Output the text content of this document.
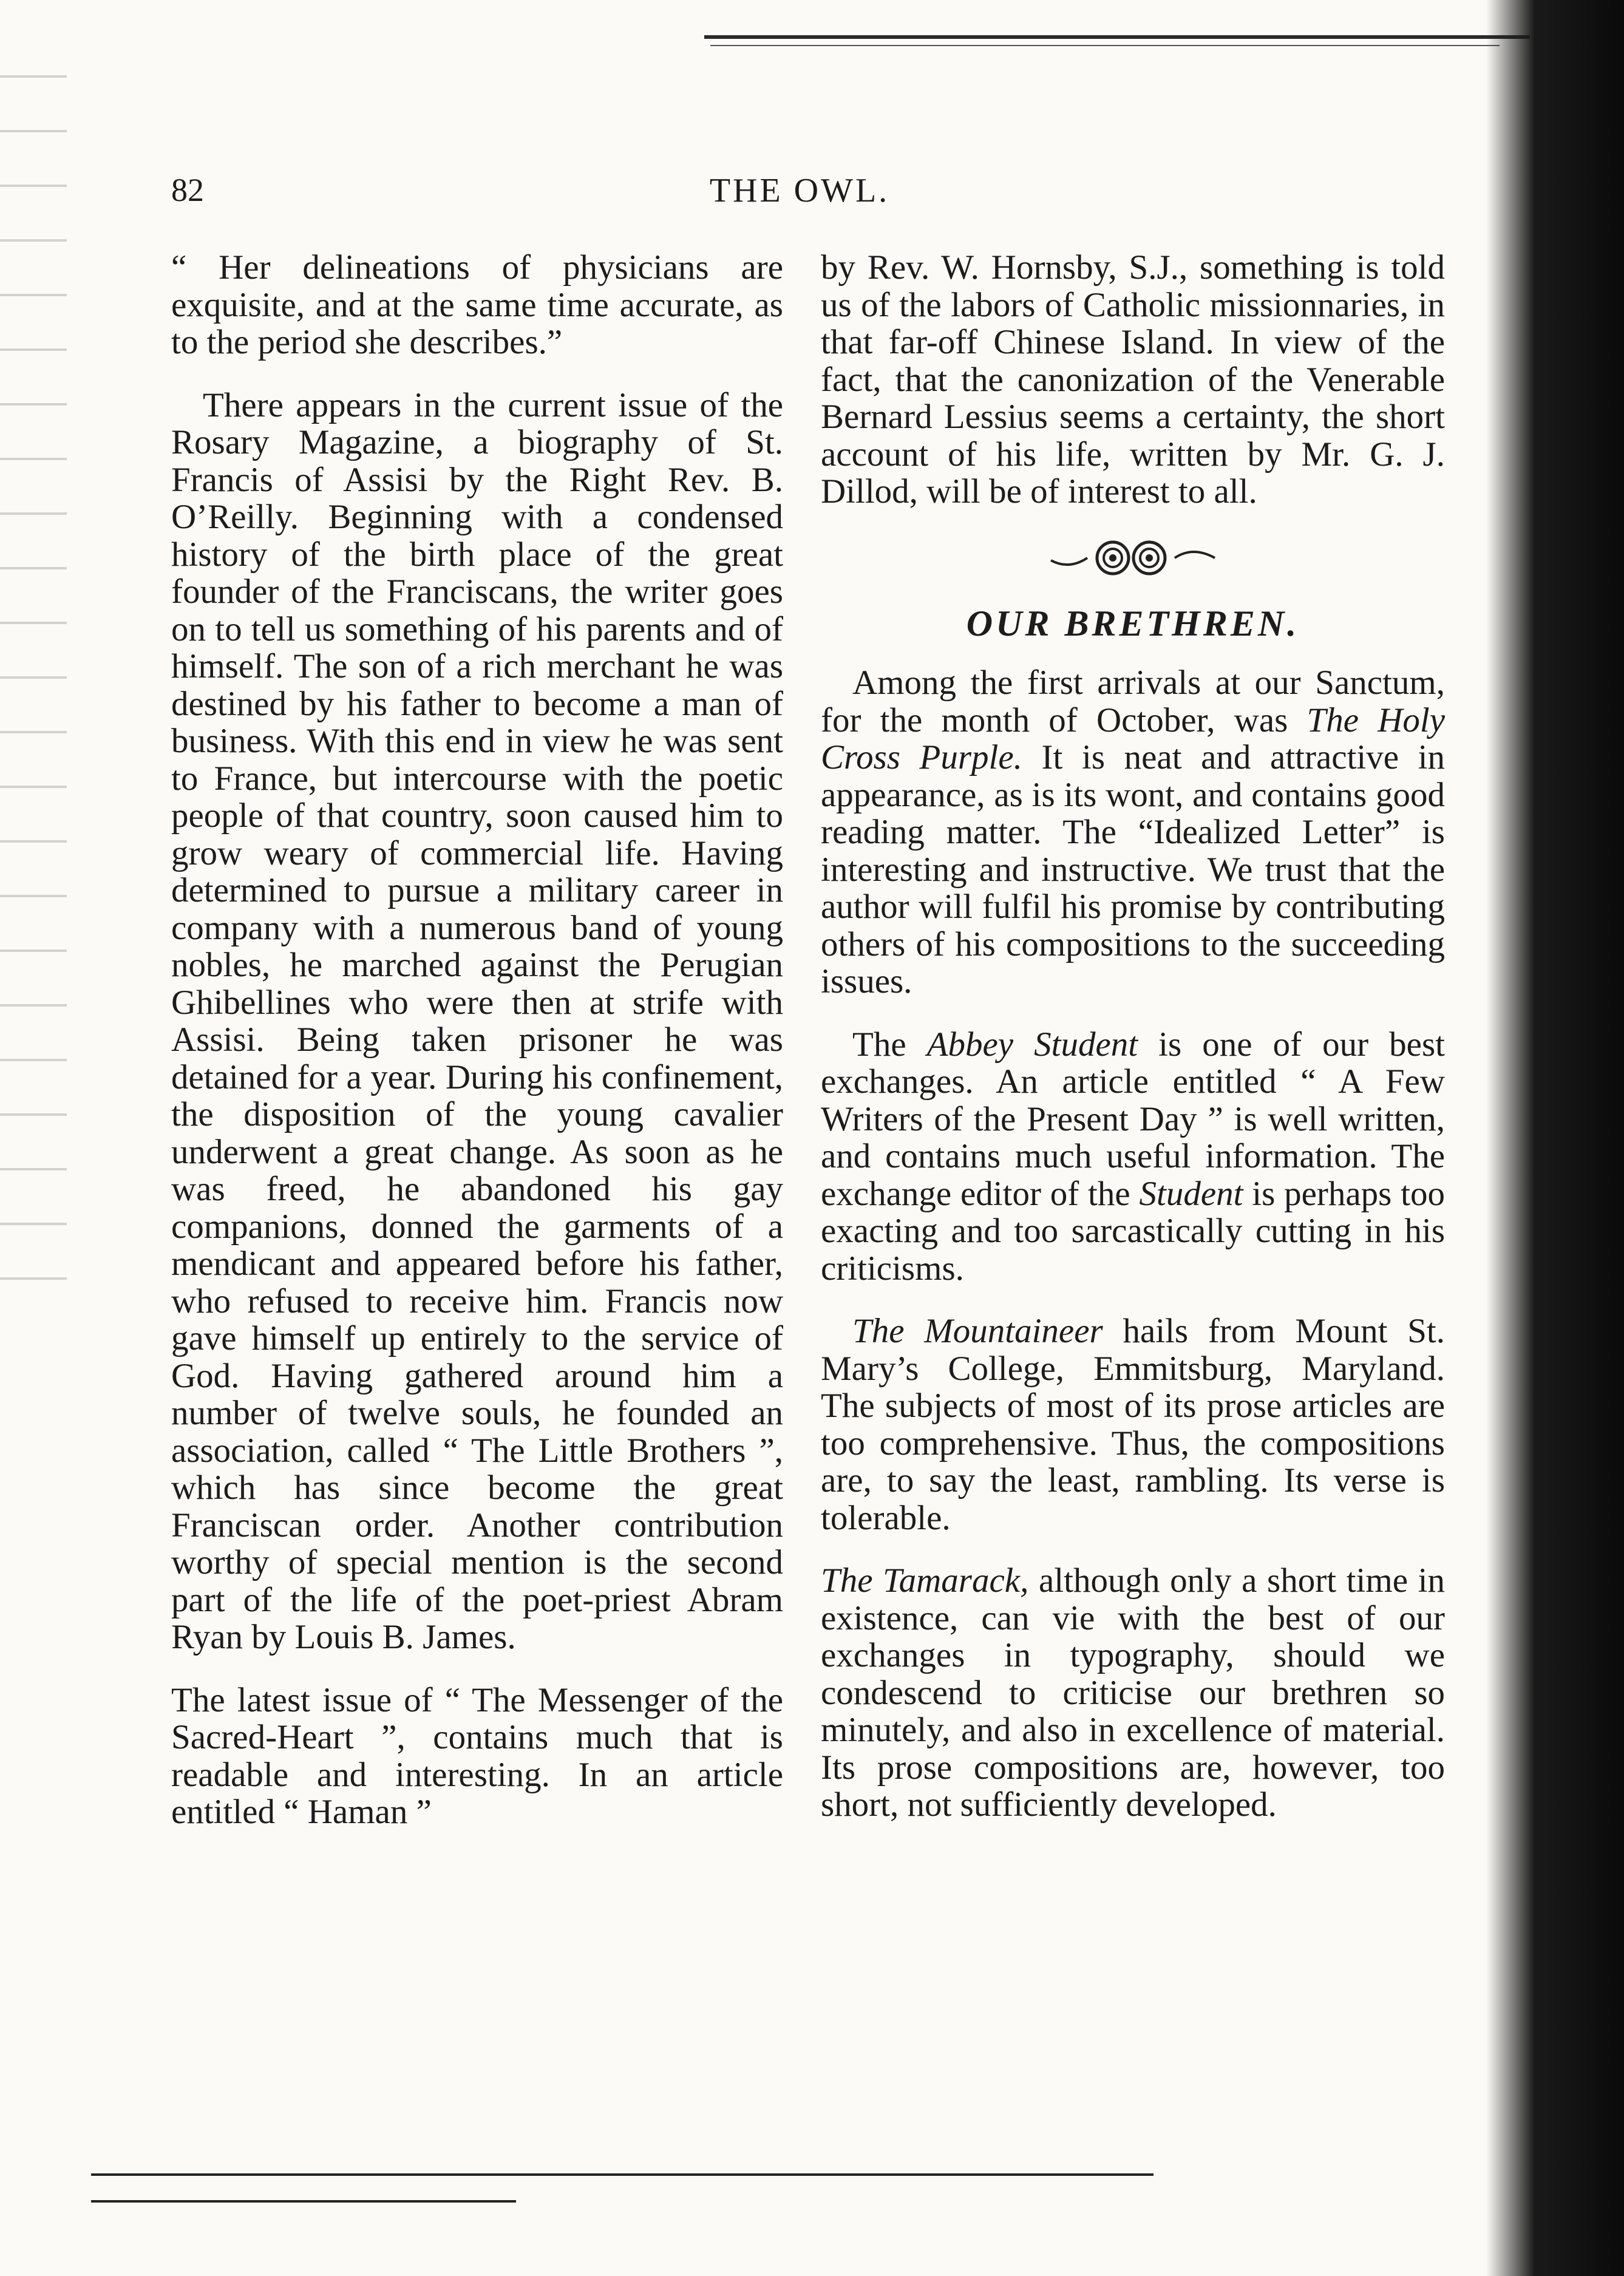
82	THE OWL.

“ Her delineations of physicians are exquisite, and at the same time accurate, as to the period she describes.”

There appears in the current issue of the Rosary Magazine, a biography of St. Francis of Assisi by the Right Rev. B. O’Reilly. Beginning with a condensed history of the birth place of the great founder of the Franciscans, the writer goes on to tell us something of his parents and of himself. The son of a rich merchant he was destined by his father to become a man of business. With this end in view he was sent to France, but intercourse with the poetic people of that country, soon caused him to grow weary of commercial life. Having determined to pursue a military career in company with a numerous band of young nobles, he marched against the Perugian Ghibellines who were then at strife with Assisi. Being taken prisoner he was detained for a year. During his confinement, the disposition of the young cavalier underwent a great change. As soon as he was freed, he abandoned his gay companions, donned the garments of a mendicant and appeared before his father, who refused to receive him. Francis now gave himself up entirely to the service of God. Having gathered around him a number of twelve souls, he founded an association, called “ The Little Brothers ”, which has since become the great Franciscan order. Another contribution worthy of special mention is the second part of the life of the poet-priest Abram Ryan by Louis B. James.

The latest issue of “ The Messenger of the Sacred-Heart ”, contains much that is readable and interesting. In an article entitled “ Haman ”

by Rev. W. Hornsby, S.J., something is told us of the labors of Catholic missionnaries, in that far-off Chinese Island. In view of the fact, that the canonization of the Venerable Bernard Lessius seems a certainty, the short account of his life, written by Mr. G. J. Dillod, will be of interest to all.

OUR BRETHREN.

Among the first arrivals at our Sanctum, for the month of October, was The Holy Cross Purple. It is neat and attractive in appearance, as is its wont, and contains good reading matter. The “Idealized Letter” is interesting and instructive. We trust that the author will fulfil his promise by contributing others of his compositions to the succeeding issues.

The Abbey Student is one of our best exchanges. An article entitled “ A Few Writers of the Present Day ” is well written, and contains much useful information. The exchange editor of the Student is perhaps too exacting and too sarcastically cutting in his criticisms.

The Mountaineer hails from Mount St. Mary’s College, Emmitsburg, Maryland. The subjects of most of its prose articles are too comprehensive. Thus, the compositions are, to say the least, rambling. Its verse is tolerable.

The Tamarack, although only a short time in existence, can vie with the best of our exchanges in typography, should we condescend to criticise our brethren so minutely, and also in excellence of material. Its prose compositions are, however, too short, not sufficiently developed.
